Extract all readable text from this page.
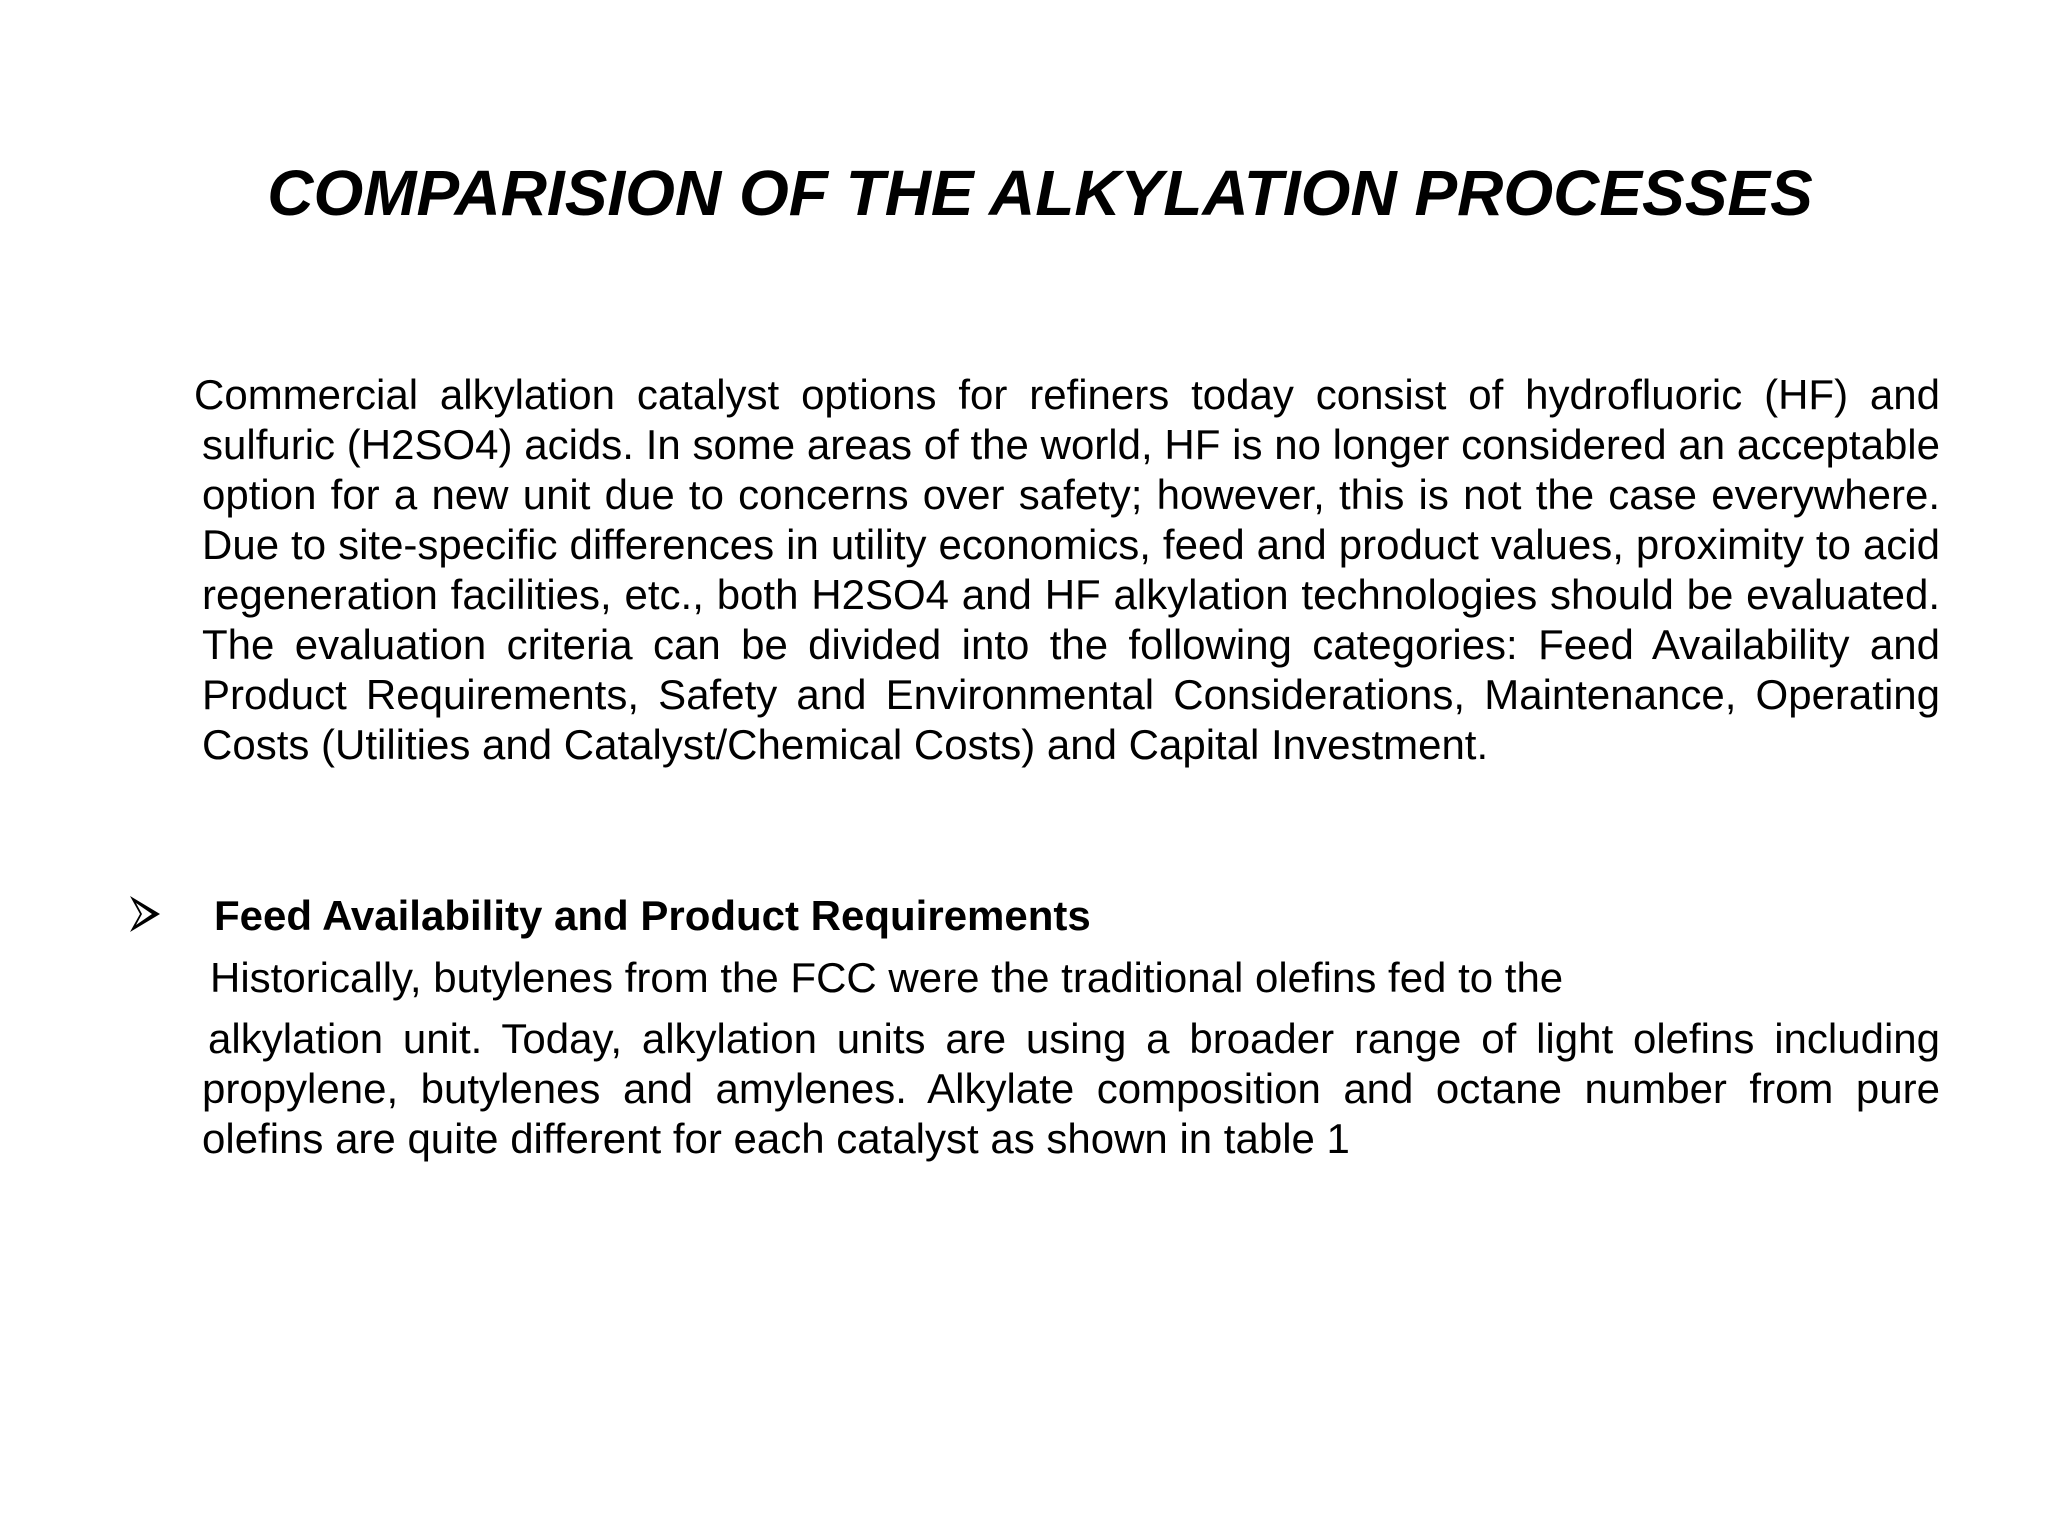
COMPARISION OF THE ALKYLATION PROCESSES
Commercial alkylation catalyst options for refiners today consist of hydrofluoric (HF) and sulfuric (H2SO4) acids. In some areas of the world, HF is no longer considered an acceptable option for a new unit due to concerns over safety; however, this is not the case everywhere. Due to site-specific differences in utility economics, feed and product values, proximity to acid regeneration facilities, etc., both H2SO4 and HF alkylation technologies should be evaluated. The evaluation criteria can be divided into the following categories: Feed Availability and Product Requirements, Safety and Environmental Considerations, Maintenance, Operating Costs (Utilities and Catalyst/Chemical Costs) and Capital Investment.
Feed Availability and Product Requirements
Historically, butylenes from the FCC were the traditional olefins fed to the
alkylation unit. Today, alkylation units are using a broader range of light olefins including propylene, butylenes and amylenes. Alkylate composition and octane number from pure olefins are quite different for each catalyst as shown in table 1
